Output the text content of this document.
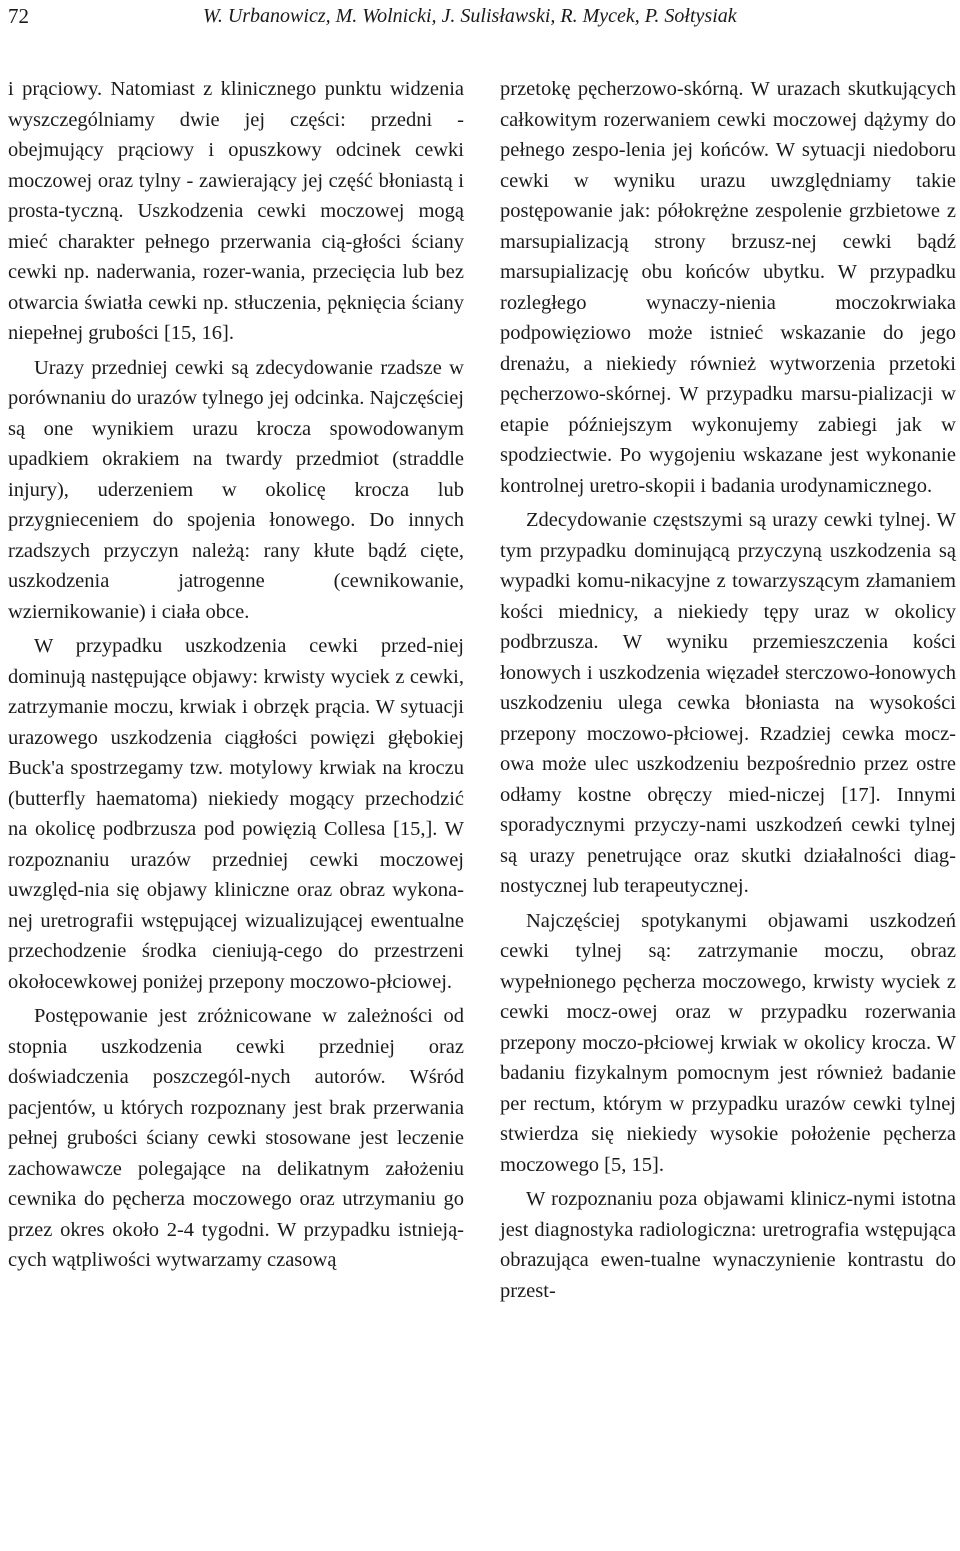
72	W. Urbanowicz, M. Wolnicki, J. Sulisławski, R. Mycek, P. Sołtysiak

i prąciowy. Natomiast z klinicznego punktu widzenia wyszczególniamy dwie jej części: przedni - obejmujący prąciowy i opuszkowy odcinek cewki moczowej oraz tylny - zawierający jej część błoniastą i prosta-tyczną. Uszkodzenia cewki moczowej mogą mieć charakter pełnego przerwania cią-głości ściany cewki np. naderwania, rozer-wania, przecięcia lub bez otwarcia światła cewki np. stłuczenia, pęknięcia ściany niepełnej grubości [15, 16].

Urazy przedniej cewki są zdecydowanie rzadsze w porównaniu do urazów tylnego jej odcinka. Najczęściej są one wynikiem urazu krocza spowodowanym upadkiem okrakiem na twardy przedmiot (straddle injury), uderzeniem w okolicę krocza lub przygnieceniem do spojenia łonowego. Do innych rzadszych przyczyn należą: rany kłute bądź cięte, uszkodzenia jatrogenne (cewnikowanie, wziernikowanie) i ciała obce.

W przypadku uszkodzenia cewki przed-niej dominują następujące objawy: krwisty wyciek z cewki, zatrzymanie moczu, krwiak i obrzęk prącia. W sytuacji urazowego uszkodzenia ciągłości powięzi głębokiej Buck'a spostrzegamy tzw. motylowy krwiak na kroczu (butterfly haematoma) niekiedy mogący przechodzić na okolicę podbrzusza pod powięzią Collesa [15,]. W rozpoznaniu urazów przedniej cewki moczowej uwzględ-nia się objawy kliniczne oraz obraz wykona-nej uretrografii wstępującej wizualizującej ewentualne przechodzenie środka cieniują-cego do przestrzeni okołocewkowej poniżej przepony moczowo-płciowej.

Postępowanie jest zróżnicowane w zależności od stopnia uszkodzenia cewki przedniej oraz doświadczenia poszczegól-nych autorów. Wśród pacjentów, u których rozpoznany jest brak przerwania pełnej grubości ściany cewki stosowane jest leczenie zachowawcze polegające na delikatnym założeniu cewnika do pęcherza moczowego oraz utrzymaniu go przez okres około 2-4 tygodni. W przypadku istnieją-cych wątpliwości wytwarzamy czasową

przetokę pęcherzowo-skórną. W urazach skutkujących całkowitym rozerwaniem cewki moczowej dążymy do pełnego zespo-lenia jej końców. W sytuacji niedoboru cewki w wyniku urazu uwzględniamy takie postępowanie jak: półokrężne zespolenie grzbietowe z marsupializacją strony brzusz-nej cewki bądź marsupializację obu końców ubytku. W przypadku rozległego wynaczy-nienia moczokrwiaka podpowięziowo może istnieć wskazanie do jego drenażu, a niekiedy również wytworzenia przetoki pęcherzowo-skórnej. W przypadku marsu-pializacji w etapie późniejszym wykonujemy zabiegi jak w spodziectwie. Po wygojeniu wskazane jest wykonanie kontrolnej uretro-skopii i badania urodynamicznego.

Zdecydowanie częstszymi są urazy cewki tylnej. W tym przypadku dominującą przyczyną uszkodzenia są wypadki komu-nikacyjne z towarzyszącym złamaniem kości miednicy, a niekiedy tępy uraz w okolicy podbrzusza. W wyniku przemieszczenia kości łonowych i uszkodzenia więzadeł sterczowo-łonowych uszkodzeniu ulega cewka błoniasta na wysokości przepony moczowo-płciowej. Rzadziej cewka mocz-owa może ulec uszkodzeniu bezpośrednio przez ostre odłamy kostne obręczy mied-niczej [17]. Innymi sporadycznymi przyczy-nami uszkodzeń cewki tylnej są urazy penetrujące oraz skutki działalności diag-nostycznej lub terapeutycznej.

Najczęściej spotykanymi objawami uszkodzeń cewki tylnej są: zatrzymanie moczu, obraz wypełnionego pęcherza moczowego, krwisty wyciek z cewki mocz-owej oraz w przypadku rozerwania przepony moczo-płciowej krwiak w okolicy krocza. W badaniu fizykalnym pomocnym jest również badanie per rectum, którym w przypadku urazów cewki tylnej stwierdza się niekiedy wysokie położenie pęcherza moczowego [5, 15].

W rozpoznaniu poza objawami klinicz-nymi istotna jest diagnostyka radiologiczna: uretrografia wstępująca obrazująca ewen-tualne wynaczynienie kontrastu do przest-
